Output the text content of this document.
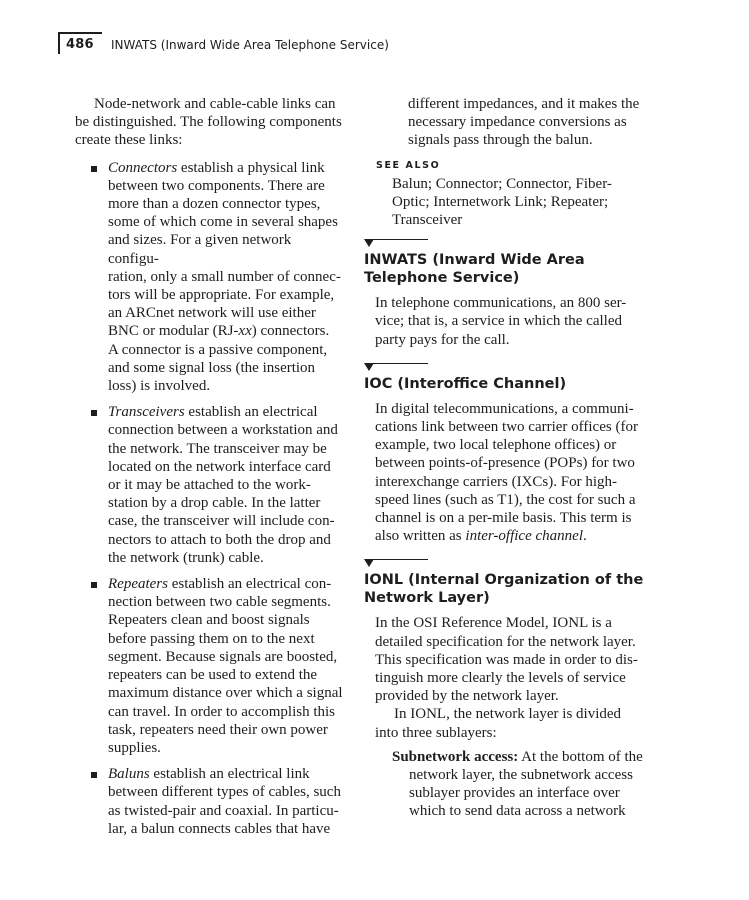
486 INWATS (Inward Wide Area Telephone Service)

Node-network and cable-cable links can
be distinguished. The following components
create these links:

Connectors establish a physical link
between two components. There are
more than a dozen connector types,
some of which come in several shapes
and sizes. For a given network configu-
ration, only a small number of connec-
tors will be appropriate. For example,
an ARCnet network will use either
BNC or modular (RJ-xx) connectors.
A connector is a passive component,
and some signal loss (the insertion
loss) is involved.
Transceivers establish an electrical
connection between a workstation and
the network. The transceiver may be
located on the network interface card
or it may be attached to the work-
station by a drop cable. In the latter
case, the transceiver will include con-
nectors to attach to both the drop and
the network (trunk) cable.
Repeaters establish an electrical con-
nection between two cable segments.
Repeaters clean and boost signals
before passing them on to the next
segment. Because signals are boosted,
repeaters can be used to extend the
maximum distance over which a signal
can travel. In order to accomplish this
task, repeaters need their own power
supplies.
Baluns establish an electrical link
between different types of cables, such
as twisted-pair and coaxial. In particu-
lar, a balun connects cables that have

different impedances, and it makes the
necessary impedance conversions as
signals pass through the balun.

SEE ALSO

Balun; Connector; Connector, Fiber-
Optic; Internetwork Link; Repeater;
Transceiver

INWATS (Inward Wide Area
Telephone Service)

In telephone communications, an 800 ser-
vice; that is, a service in which the called
party pays for the call.

IOC (Interoffice Channel)

In digital telecommunications, a communi-
cations link between two carrier offices (for
example, two local telephone offices) or
between points-of-presence (POPs) for two
interexchange carriers (IXCs). For high-
speed lines (such as T1), the cost for such a
channel is on a per-mile basis. This term is
also written as inter-office channel.

IONL (Internal Organization of the
Network Layer)

In the OSI Reference Model, IONL is a
detailed specification for the network layer.
This specification was made in order to dis-
tinguish more clearly the levels of service
provided by the network layer.

In IONL, the network layer is divided
into three sublayers:

Subnetwork access: At the bottom of the
network layer, the subnetwork access
sublayer provides an interface over
which to send data across a network
